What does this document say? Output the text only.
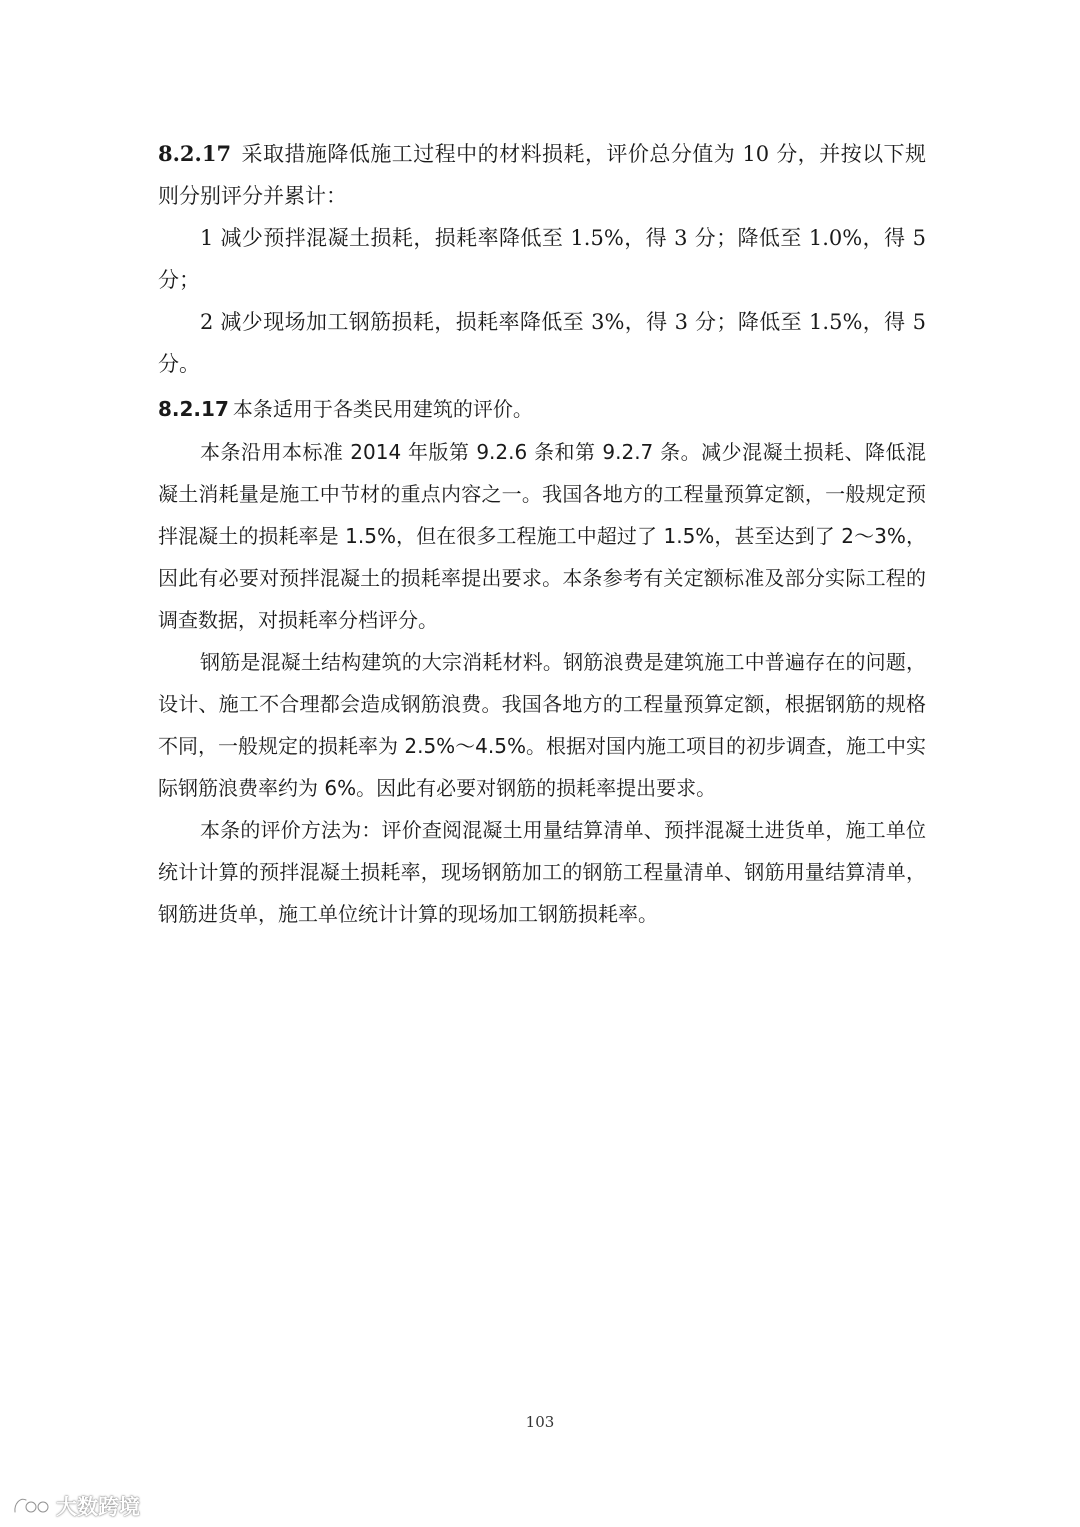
8.2.17 采取措施降低施工过程中的材料损耗，评价总分值为 10 分，并按以下规则分别评分并累计：

1 减少预拌混凝土损耗，损耗率降低至 1.5%，得 3 分；降低至 1.0%，得 5 分；

2 减少现场加工钢筋损耗，损耗率降低至 3%，得 3 分；降低至 1.5%，得 5 分。

8.2.17 本条适用于各类民用建筑的评价。

本条沿用本标准 2014 年版第 9.2.6 条和第 9.2.7 条。减少混凝土损耗、降低混凝土消耗量是施工中节材的重点内容之一。我国各地方的工程量预算定额，一般规定预拌混凝土的损耗率是 1.5%，但在很多工程施工中超过了 1.5%，甚至达到了 2～3%，因此有必要对预拌混凝土的损耗率提出要求。本条参考有关定额标准及部分实际工程的调查数据，对损耗率分档评分。

钢筋是混凝土结构建筑的大宗消耗材料。钢筋浪费是建筑施工中普遍存在的问题，设计、施工不合理都会造成钢筋浪费。我国各地方的工程量预算定额，根据钢筋的规格不同，一般规定的损耗率为 2.5%～4.5%。根据对国内施工项目的初步调查，施工中实际钢筋浪费率约为 6%。因此有必要对钢筋的损耗率提出要求。

本条的评价方法为：评价查阅混凝土用量结算清单、预拌混凝土进货单，施工单位统计计算的预拌混凝土损耗率，现场钢筋加工的钢筋工程量清单、钢筋用量结算清单，钢筋进货单，施工单位统计计算的现场加工钢筋损耗率。

103
大数跨境
